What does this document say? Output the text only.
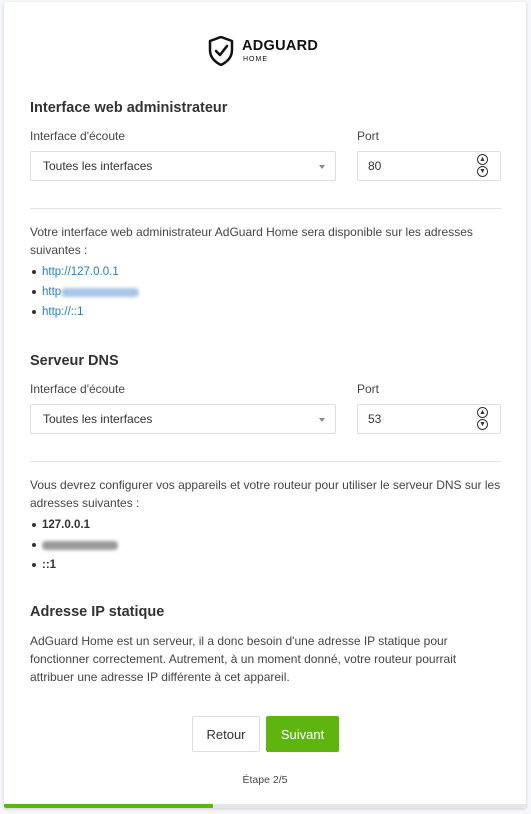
ADGUARD
HOME
Interface web administrateur
Interface d'écoute	Port
Toutes les interfaces	80	▲
▼
Votre interface web administrateur AdGuard Home sera disponible sur les adresses suivantes :
http://127.0.0.1
http
http://::1
Serveur DNS
Interface d'écoute	Port
Toutes les interfaces	53	▲
▼
Vous devrez configurer vos appareils et votre routeur pour utiliser le serveur DNS sur les adresses suivantes :
127.0.0.1
::1
Adresse IP statique
AdGuard Home est un serveur, il a donc besoin d'une adresse IP statique pour fonctionner correctement. Autrement, à un moment donné, votre routeur pourrait attribuer une adresse IP différente à cet appareil.
Retour	Suivant
Étape 2/5
